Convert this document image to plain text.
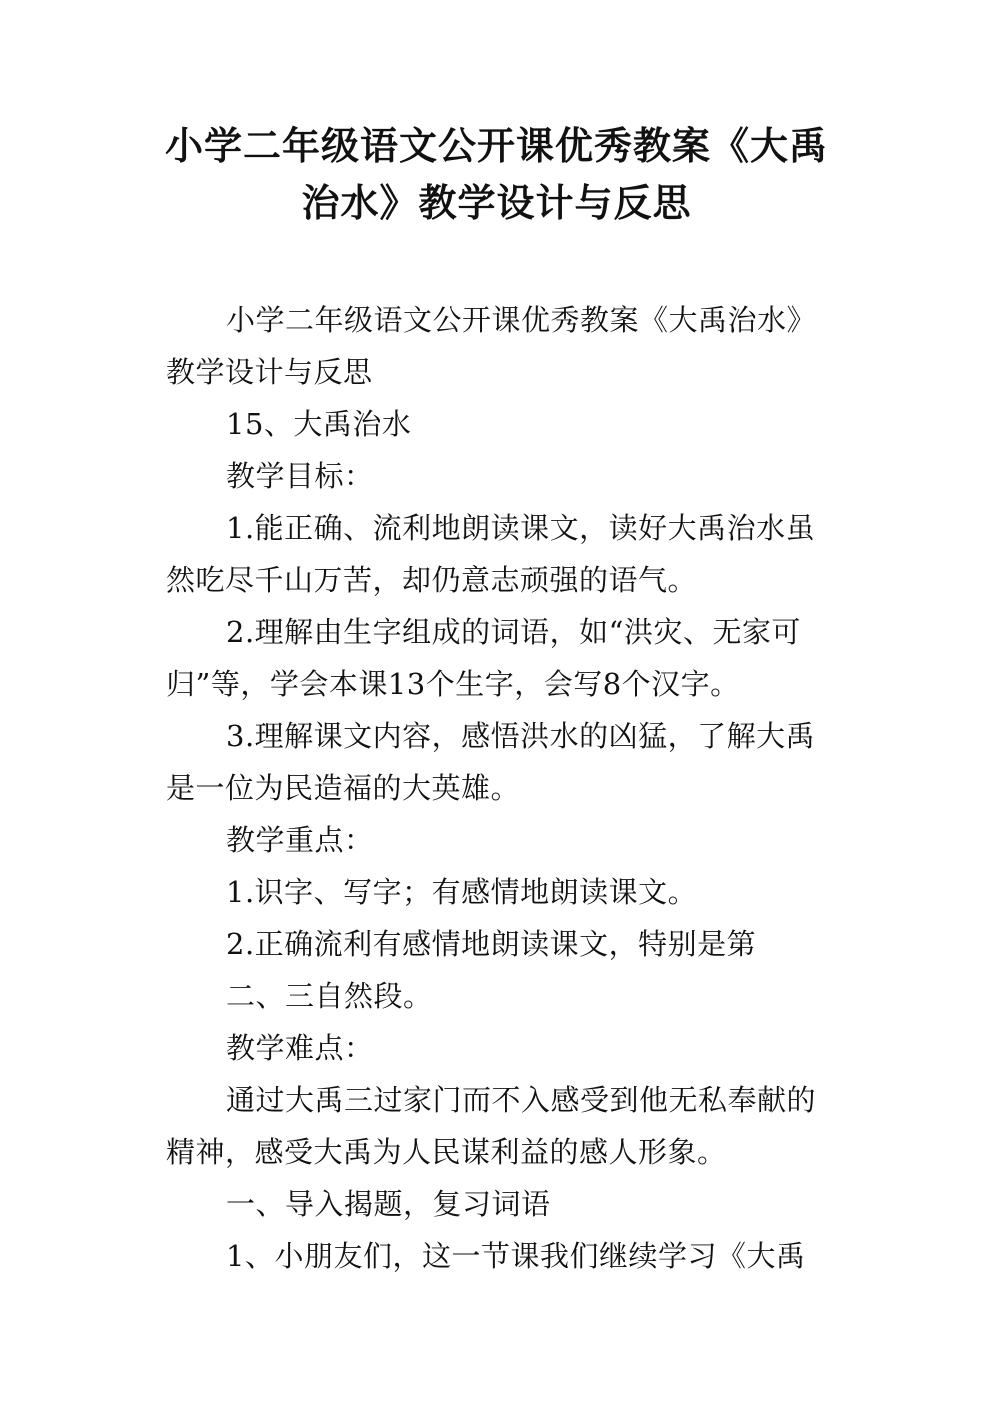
小学二年级语文公开课优秀教案《大禹治水》教学设计与反思

小学二年级语文公开课优秀教案《大禹治水》教学设计与反思

15、大禹治水

教学目标：

1.能正确、流利地朗读课文，读好大禹治水虽然吃尽千山万苦，却仍意志顽强的语气。

2.理解由生字组成的词语，如“洪灾、无家可归”等，学会本课13个生字，会写8个汉字。

3.理解课文内容，感悟洪水的凶猛，了解大禹是一位为民造福的大英雄。

教学重点：

1.识字、写字；有感情地朗读课文。

2.正确流利有感情地朗读课文，特别是第

二、三自然段。

教学难点：

通过大禹三过家门而不入感受到他无私奉献的精神，感受大禹为人民谋利益的感人形象。

一、导入揭题，复习词语

1、小朋友们，这一节课我们继续学习《大禹
